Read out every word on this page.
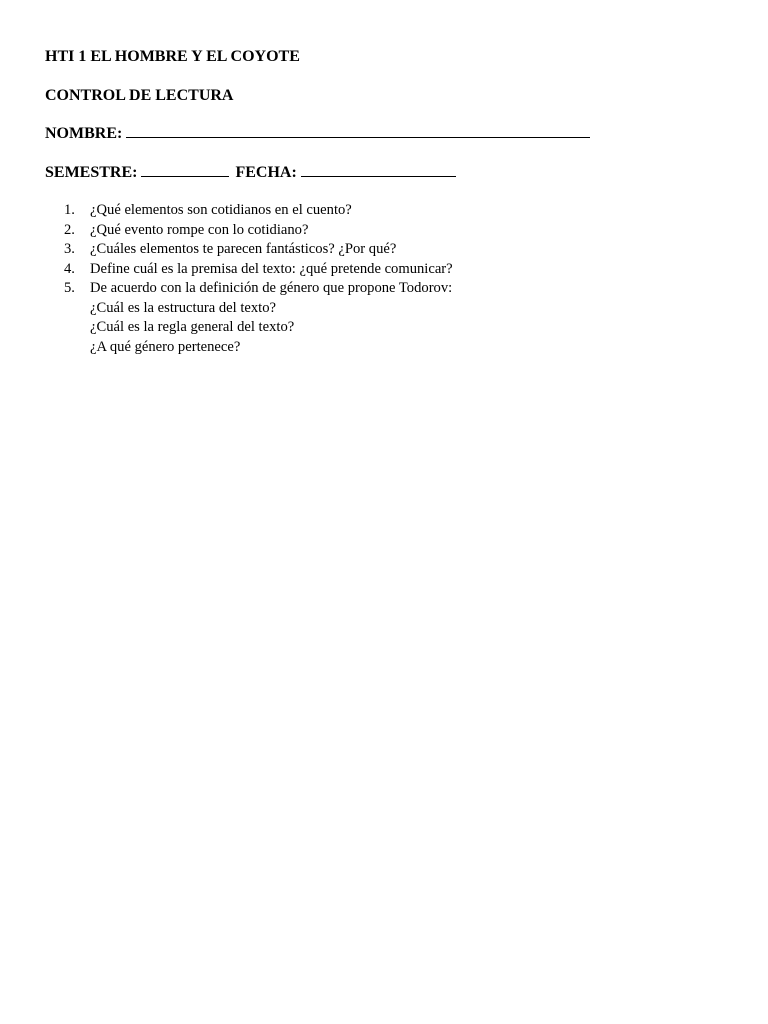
HTI 1 EL HOMBRE Y EL COYOTE
CONTROL DE LECTURA
NOMBRE:
SEMESTRE:	FECHA:
1. ¿Qué elementos son cotidianos en el cuento?
2. ¿Qué evento rompe con lo cotidiano?
3. ¿Cuáles elementos te parecen fantásticos? ¿Por qué?
4. Define cuál es la premisa del texto: ¿qué pretende comunicar?
5. De acuerdo con la definición de género que propone Todorov:
¿Cuál es la estructura del texto?
¿Cuál es la regla general del texto?
¿A qué género pertenece?
